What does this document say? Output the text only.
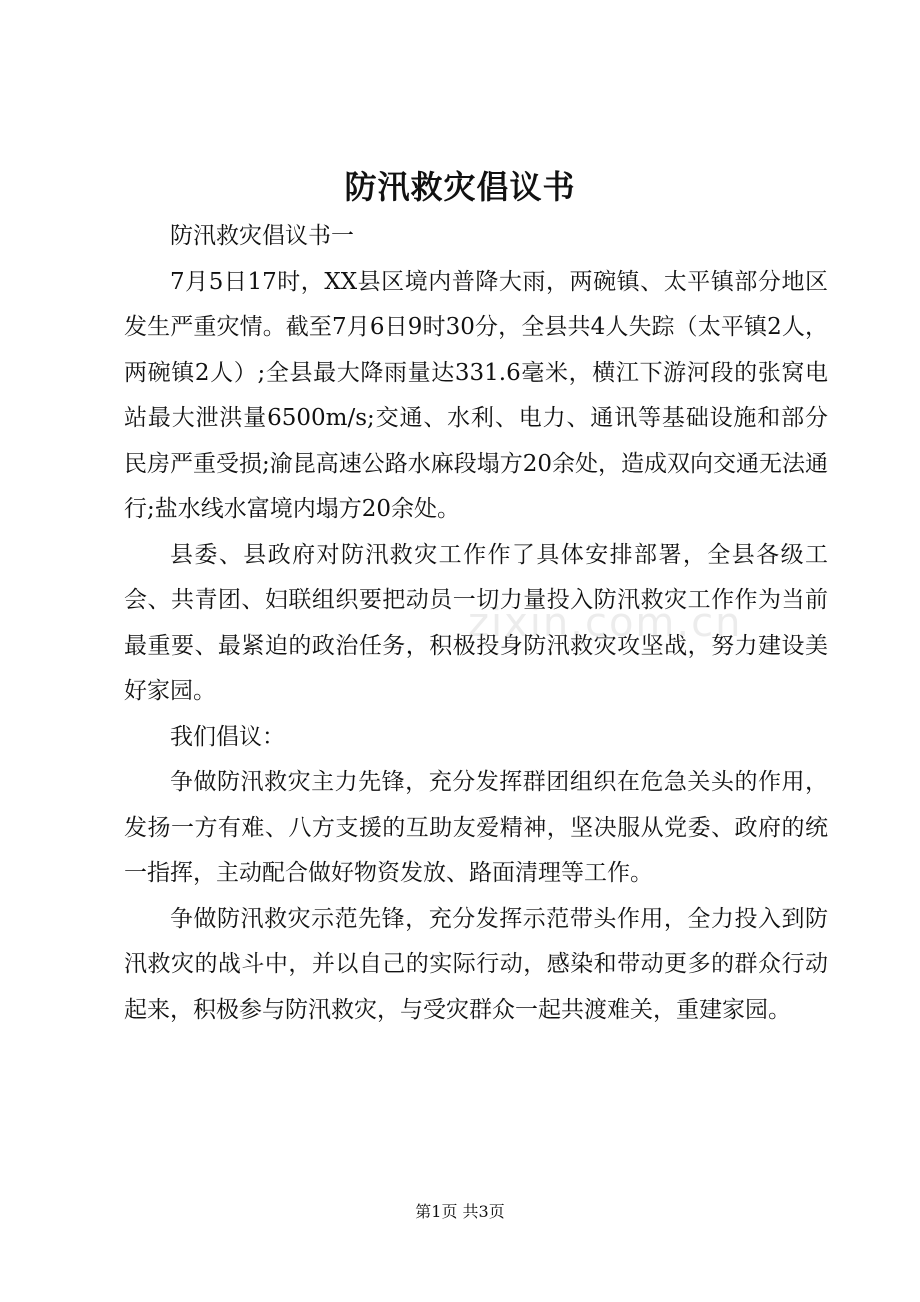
防汛救灾倡议书

防汛救灾倡议书一

7月5日17时，XX县区境内普降大雨，两碗镇、太平镇部分地区发生严重灾情。截至7月6日9时30分，全县共4人失踪（太平镇2人，两碗镇2人）;全县最大降雨量达331.6毫米，横江下游河段的张窝电站最大泄洪量6500m/s;交通、水利、电力、通讯等基础设施和部分民房严重受损;渝昆高速公路水麻段塌方20余处，造成双向交通无法通行;盐水线水富境内塌方20余处。

县委、县政府对防汛救灾工作作了具体安排部署，全县各级工会、共青团、妇联组织要把动员一切力量投入防汛救灾工作作为当前最重要、最紧迫的政治任务，积极投身防汛救灾攻坚战，努力建设美好家园。

我们倡议：

争做防汛救灾主力先锋，充分发挥群团组织在危急关头的作用，发扬一方有难、八方支援的互助友爱精神，坚决服从党委、政府的统一指挥，主动配合做好物资发放、路面清理等工作。

争做防汛救灾示范先锋，充分发挥示范带头作用，全力投入到防汛救灾的战斗中，并以自己的实际行动，感染和带动更多的群众行动起来，积极参与防汛救灾，与受灾群众一起共渡难关，重建家园。

zixin.com.cn
第1页 共3页
